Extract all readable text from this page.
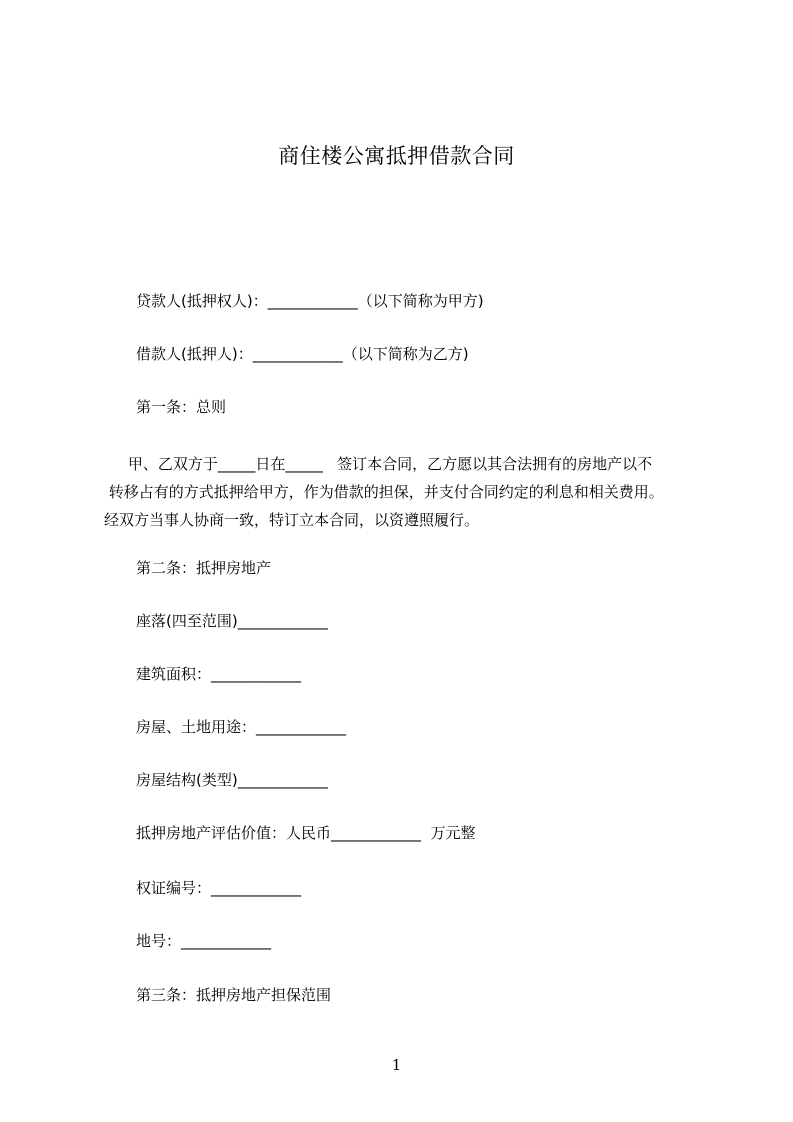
商住楼公寓抵押借款合同
贷款人(抵押权人)：____________（以下简称为甲方)
借款人(抵押人)：____________（以下简称为乙方)
第一条：总则
甲、乙双方于_____日在_____   签订本合同，乙方愿以其合法拥有的房地产以不
转移占有的方式抵押给甲方，作为借款的担保，并支付合同约定的利息和相关费用。
经双方当事人协商一致，特订立本合同，以资遵照履行。
第二条：抵押房地产
座落(四至范围)____________
建筑面积：____________
房屋、土地用途：____________
房屋结构(类型)____________
抵押房地产评估价值：人民币____________  万元整
权证编号：____________
地号：____________
第三条：抵押房地产担保范围
1
